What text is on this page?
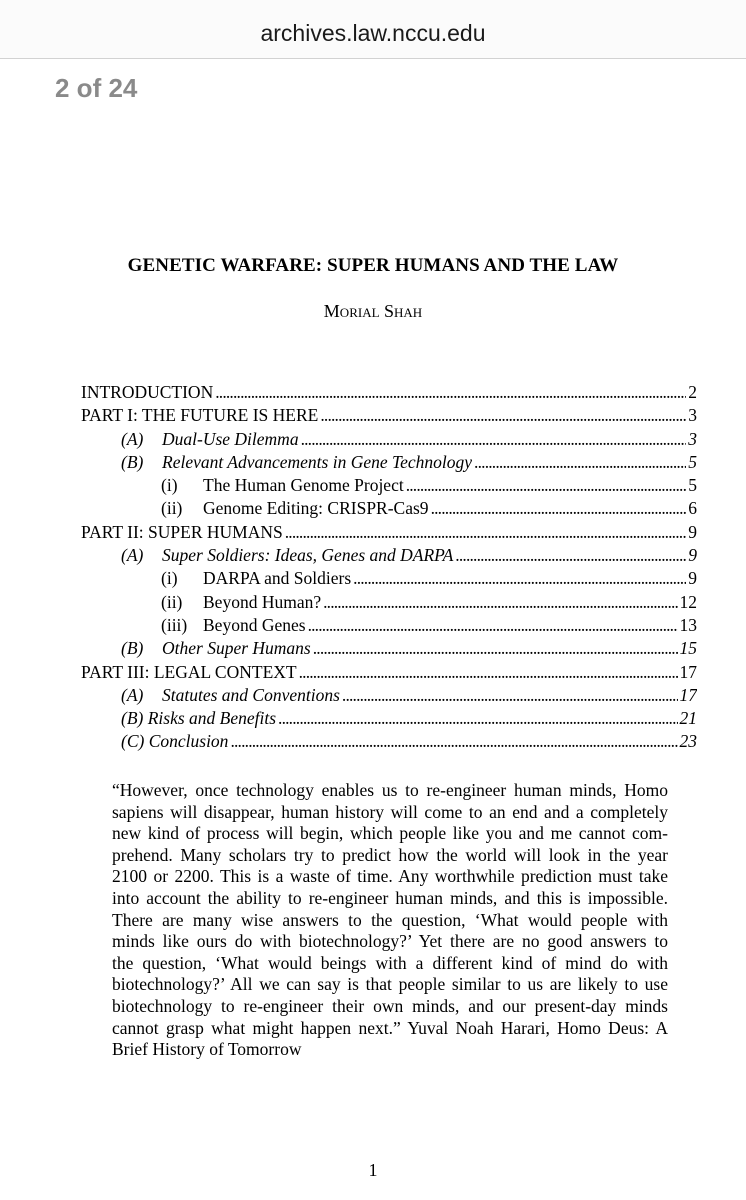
archives.law.nccu.edu
2 of 24
GENETIC WARFARE: SUPER HUMANS AND THE LAW
Morial Shah
INTRODUCTION . . .	2
PART I: THE FUTURE IS HERE . . .	3
(A)	Dual-Use Dilemma . . .	3
(B)	Relevant Advancements in Gene Technology . . .	5
(i)	The Human Genome Project . . .	5
(ii)	Genome Editing: CRISPR-Cas9 . . .	6
PART II: SUPER HUMANS . . .	9
(A)	Super Soldiers: Ideas, Genes and DARPA . . .	9
(i)	DARPA and Soldiers . . .	9
(ii)	Beyond Human? . . .	12
(iii) Beyond Genes . . .	13
(B)	Other Super Humans . . .	15
PART III: LEGAL CONTEXT . . .	17
(A)	Statutes and Conventions . . .	17
(B) Risks and Benefits . . .	21
(C) Conclusion . . .	23
“However, once technology enables us to re-engineer human minds, Homo
sapiens will disappear, human history will come to an end and a completely
new kind of process will begin, which people like you and me cannot com-
prehend. Many scholars try to predict how the world will look in the year
2100 or 2200. This is a waste of time. Any worthwhile prediction must take
into account the ability to re-engineer human minds, and this is impossible.
There are many wise answers to the question, ‘What would people with
minds like ours do with biotechnology?’ Yet there are no good answers to
the question, ‘What would beings with a different kind of mind do with
biotechnology?’ All we can say is that people similar to us are likely to use
biotechnology to re-engineer their own minds, and our present-day minds
cannot grasp what might happen next.” Yuval Noah Harari, Homo Deus: A
Brief History of Tomorrow
1
